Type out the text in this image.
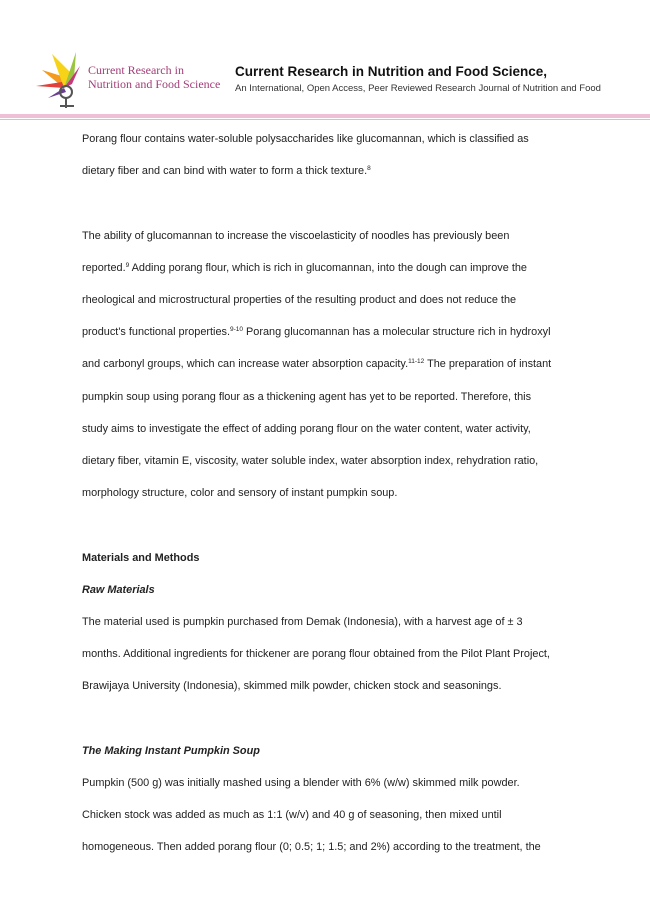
Current Research in
Nutrition and Food Science
Current Research in Nutrition and Food Science,
An International, Open Access, Peer Reviewed Research Journal of Nutrition and Food

Porang flour contains water-soluble polysaccharides like glucomannan, which is classified as
dietary fiber and can bind with water to form a thick texture.$^8$

The ability of glucomannan to increase the viscoelasticity of noodles has previously been
reported.$^9$ Adding porang flour, which is rich in glucomannan, into the dough can improve the
rheological and microstructural properties of the resulting product and does not reduce the
product's functional properties.$^{9-10}$ Porang glucomannan has a molecular structure rich in hydroxyl
and carbonyl groups, which can increase water absorption capacity.$^{11-12}$ The preparation of instant
pumpkin soup using porang flour as a thickening agent has yet to be reported. Therefore, this
study aims to investigate the effect of adding porang flour on the water content, water activity,
dietary fiber, vitamin E, viscosity, water soluble index, water absorption index, rehydration ratio,
morphology structure, color and sensory of instant pumpkin soup.

Materials and Methods

Raw Materials

The material used is pumpkin purchased from Demak (Indonesia), with a harvest age of ± 3
months. Additional ingredients for thickener are porang flour obtained from the Pilot Plant Project,
Brawijaya University (Indonesia), skimmed milk powder, chicken stock and seasonings.

The Making Instant Pumpkin Soup

Pumpkin (500 g) was initially mashed using a blender with 6% (w/w) skimmed milk powder.
Chicken stock was added as much as 1:1 (w/v) and 40 g of seasoning, then mixed until
homogeneous. Then added porang flour (0; 0.5; 1; 1.5; and 2%) according to the treatment, the
